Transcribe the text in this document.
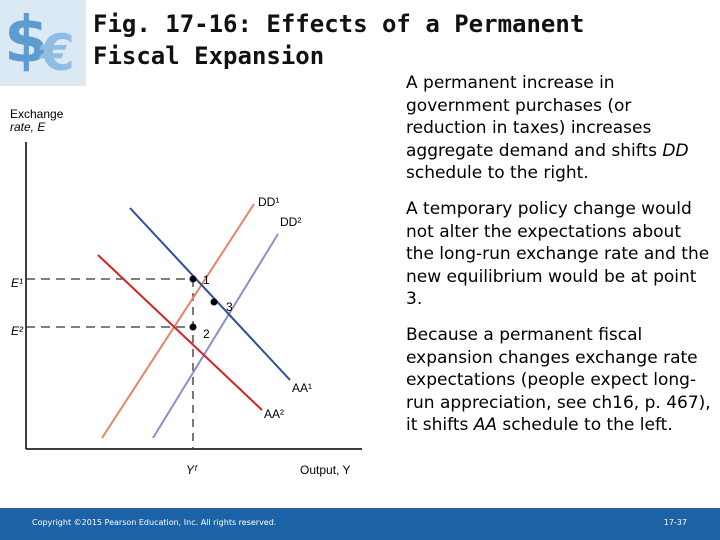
$
€ Fig. 17-16: Effects of a Permanent
Fiscal Expansion
Exchange
rate, E
Output, Y
Yᶠ
E¹
E²
DD¹
DD²
AA¹
AA²
1
2
3

A permanent increase in government purchases (or reduction in taxes) increases aggregate demand and shifts DD schedule to the right.

A temporary policy change would not alter the expectations about the long-run exchange rate and the new equilibrium would be at point 3.

Because a permanent fiscal expansion changes exchange rate expectations (people expect long-run appreciation, see ch16, p. 467), it shifts AA schedule to the left.

Copyright ©2015 Pearson Education, Inc. All rights reserved.	17-37
